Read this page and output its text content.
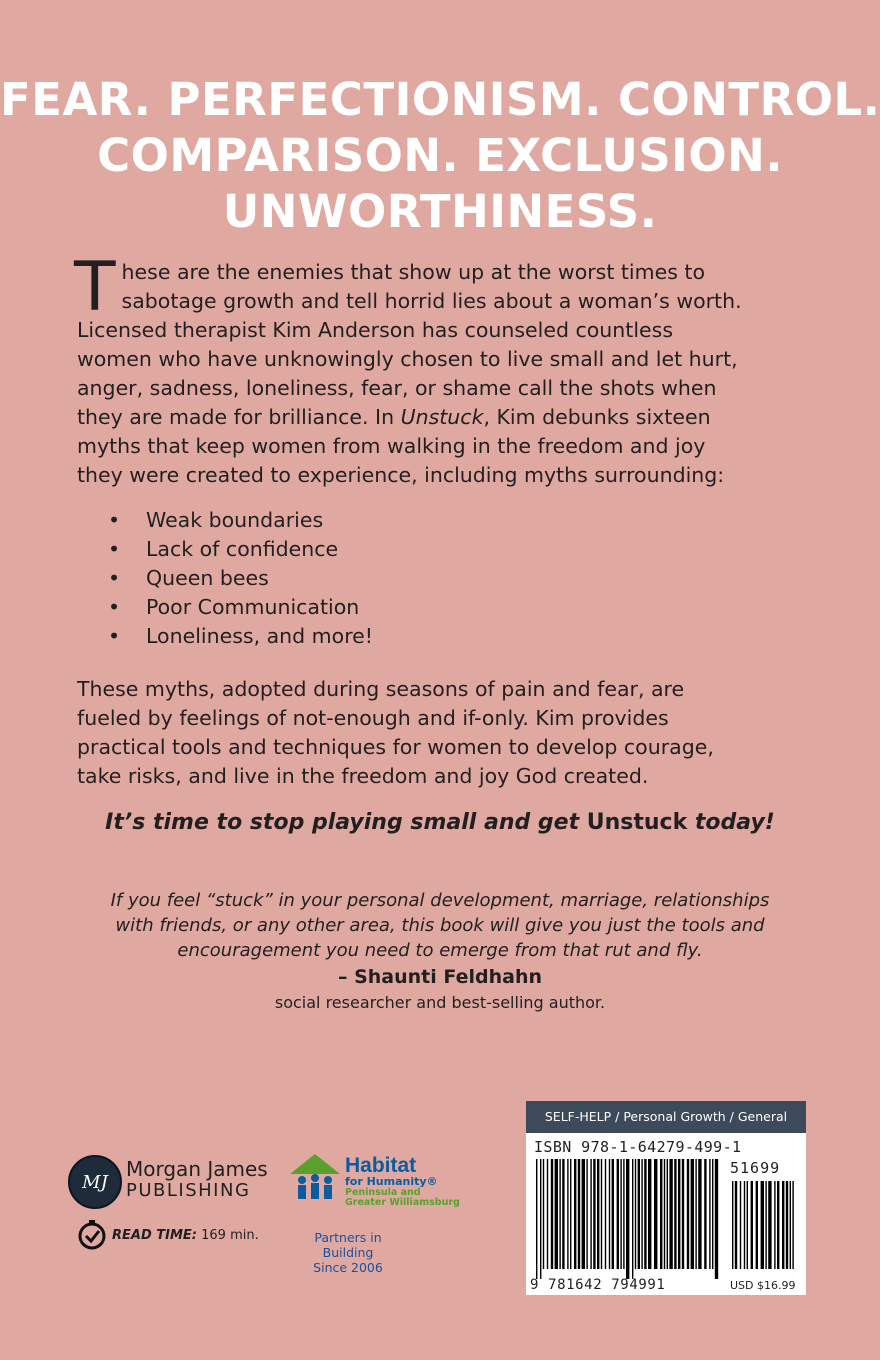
FEAR. PERFECTIONISM. CONTROL.
COMPARISON. EXCLUSION.
UNWORTHINESS.
T hese are the enemies that show up at the worst times to
sabotage growth and tell horrid lies about a woman’s worth.
Licensed therapist Kim Anderson has counseled countless
women who have unknowingly chosen to live small and let hurt,
anger, sadness, loneliness, fear, or shame call the shots when
they are made for brilliance. In Unstuck, Kim debunks sixteen
myths that keep women from walking in the freedom and joy
they were created to experience, including myths surrounding:
• Weak boundaries
• Lack of confidence
• Queen bees
• Poor Communication
• Loneliness, and more!
These myths, adopted during seasons of pain and fear, are
fueled by feelings of not-enough and if-only. Kim provides
practical tools and techniques for women to develop courage,
take risks, and live in the freedom and joy God created.
It’s time to stop playing small and get Unstuck today!
If you feel “stuck” in your personal development, marriage, relationships
with friends, or any other area, this book will give you just the tools and
encouragement you need to emerge from that rut and fly.
– Shaunti Feldhahn
social researcher and best-selling author.
MJ
Morgan James
PUBLISHING
READ TIME: 169 min.
Habitat
for Humanity®
Peninsula and
Greater Williamsburg
Partners in Building
Since 2006
SELF-HELP / Personal Growth / General
ISBN 978-1-64279-499-1
51699
9 781642 794991	USD $16.99
